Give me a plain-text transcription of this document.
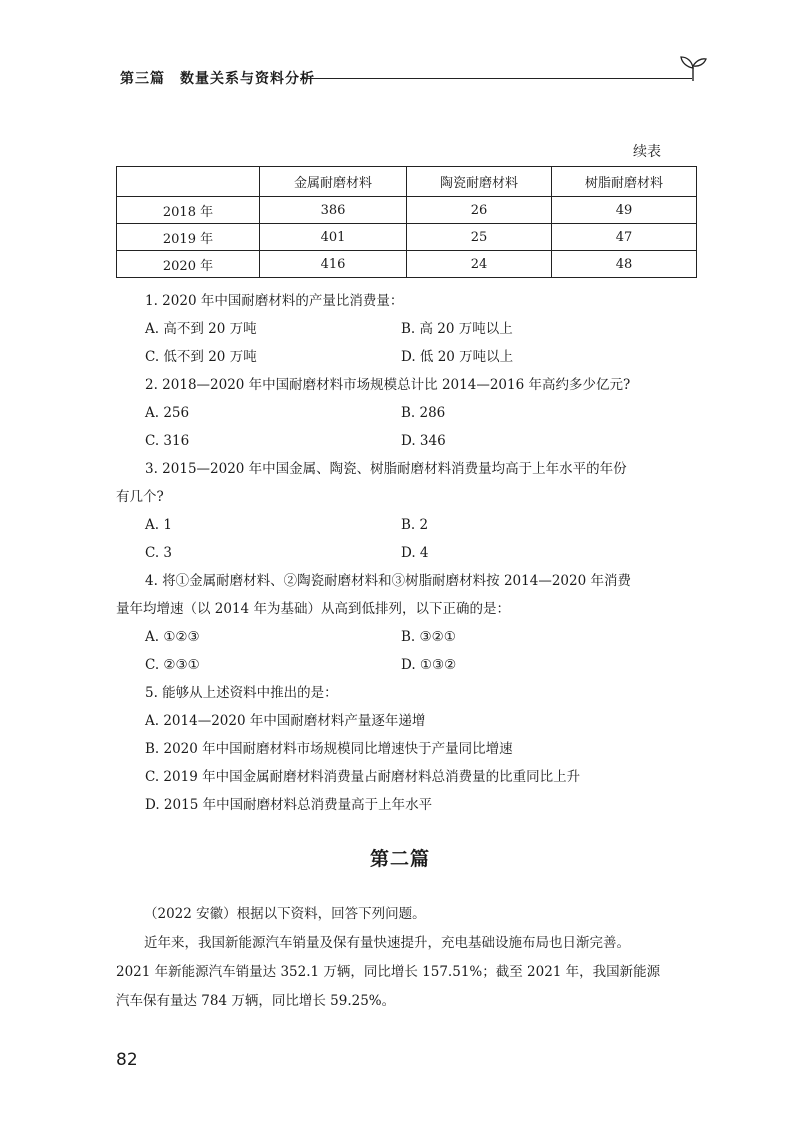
第三篇　数量关系与资料分析
续表
	金属耐磨材料	陶瓷耐磨材料	树脂耐磨材料
2018 年	386	26	49
2019 年	401	25	47
2020 年	416	24	48
1. 2020 年中国耐磨材料的产量比消费量：
A. 高不到 20 万吨	B. 高 20 万吨以上
C. 低不到 20 万吨	D. 低 20 万吨以上
2. 2018—2020 年中国耐磨材料市场规模总计比 2014—2016 年高约多少亿元?
A. 256	B. 286
C. 316	D. 346
3. 2015—2020 年中国金属、陶瓷、树脂耐磨材料消费量均高于上年水平的年份
有几个?
A. 1	B. 2
C. 3	D. 4
4. 将①金属耐磨材料、②陶瓷耐磨材料和③树脂耐磨材料按 2014—2020 年消费
量年均增速（以 2014 年为基础）从高到低排列，以下正确的是：
A. ①②③	B. ③②①
C. ②③①	D. ①③②
5. 能够从上述资料中推出的是：
A. 2014—2020 年中国耐磨材料产量逐年递增
B. 2020 年中国耐磨材料市场规模同比增速快于产量同比增速
C. 2019 年中国金属耐磨材料消费量占耐磨材料总消费量的比重同比上升
D. 2015 年中国耐磨材料总消费量高于上年水平
第二篇
（2022 安徽）根据以下资料，回答下列问题。
近年来，我国新能源汽车销量及保有量快速提升，充电基础设施布局也日渐完善。
2021 年新能源汽车销量达 352.1 万辆，同比增长 157.51%；截至 2021 年，我国新能源
汽车保有量达 784 万辆，同比增长 59.25%。
82
